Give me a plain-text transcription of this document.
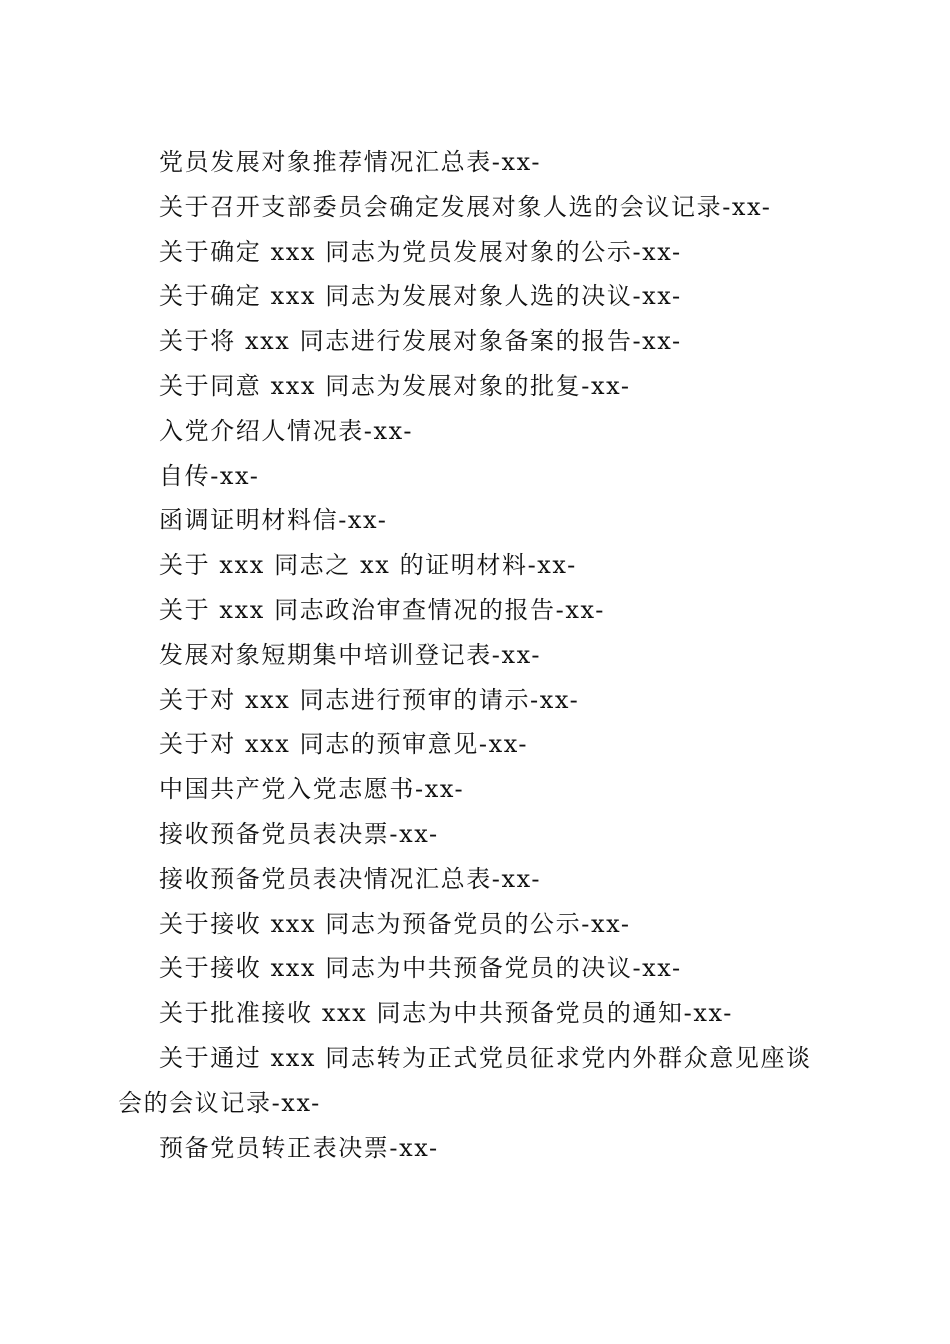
党员发展对象推荐情况汇总表-xx-
关于召开支部委员会确定发展对象人选的会议记录-xx-
关于确定 xxx 同志为党员发展对象的公示-xx-
关于确定 xxx 同志为发展对象人选的决议-xx-
关于将 xxx 同志进行发展对象备案的报告-xx-
关于同意 xxx 同志为发展对象的批复-xx-
入党介绍人情况表-xx-
自传-xx-
函调证明材料信-xx-
关于 xxx 同志之 xx 的证明材料-xx-
关于 xxx 同志政治审查情况的报告-xx-
发展对象短期集中培训登记表-xx-
关于对 xxx 同志进行预审的请示-xx-
关于对 xxx 同志的预审意见-xx-
中国共产党入党志愿书-xx-
接收预备党员表决票-xx-
接收预备党员表决情况汇总表-xx-
关于接收 xxx 同志为预备党员的公示-xx-
关于接收 xxx 同志为中共预备党员的决议-xx-
关于批准接收 xxx 同志为中共预备党员的通知-xx-
关于通过 xxx 同志转为正式党员征求党内外群众意见座谈会的会议记录-xx-
预备党员转正表决票-xx-
